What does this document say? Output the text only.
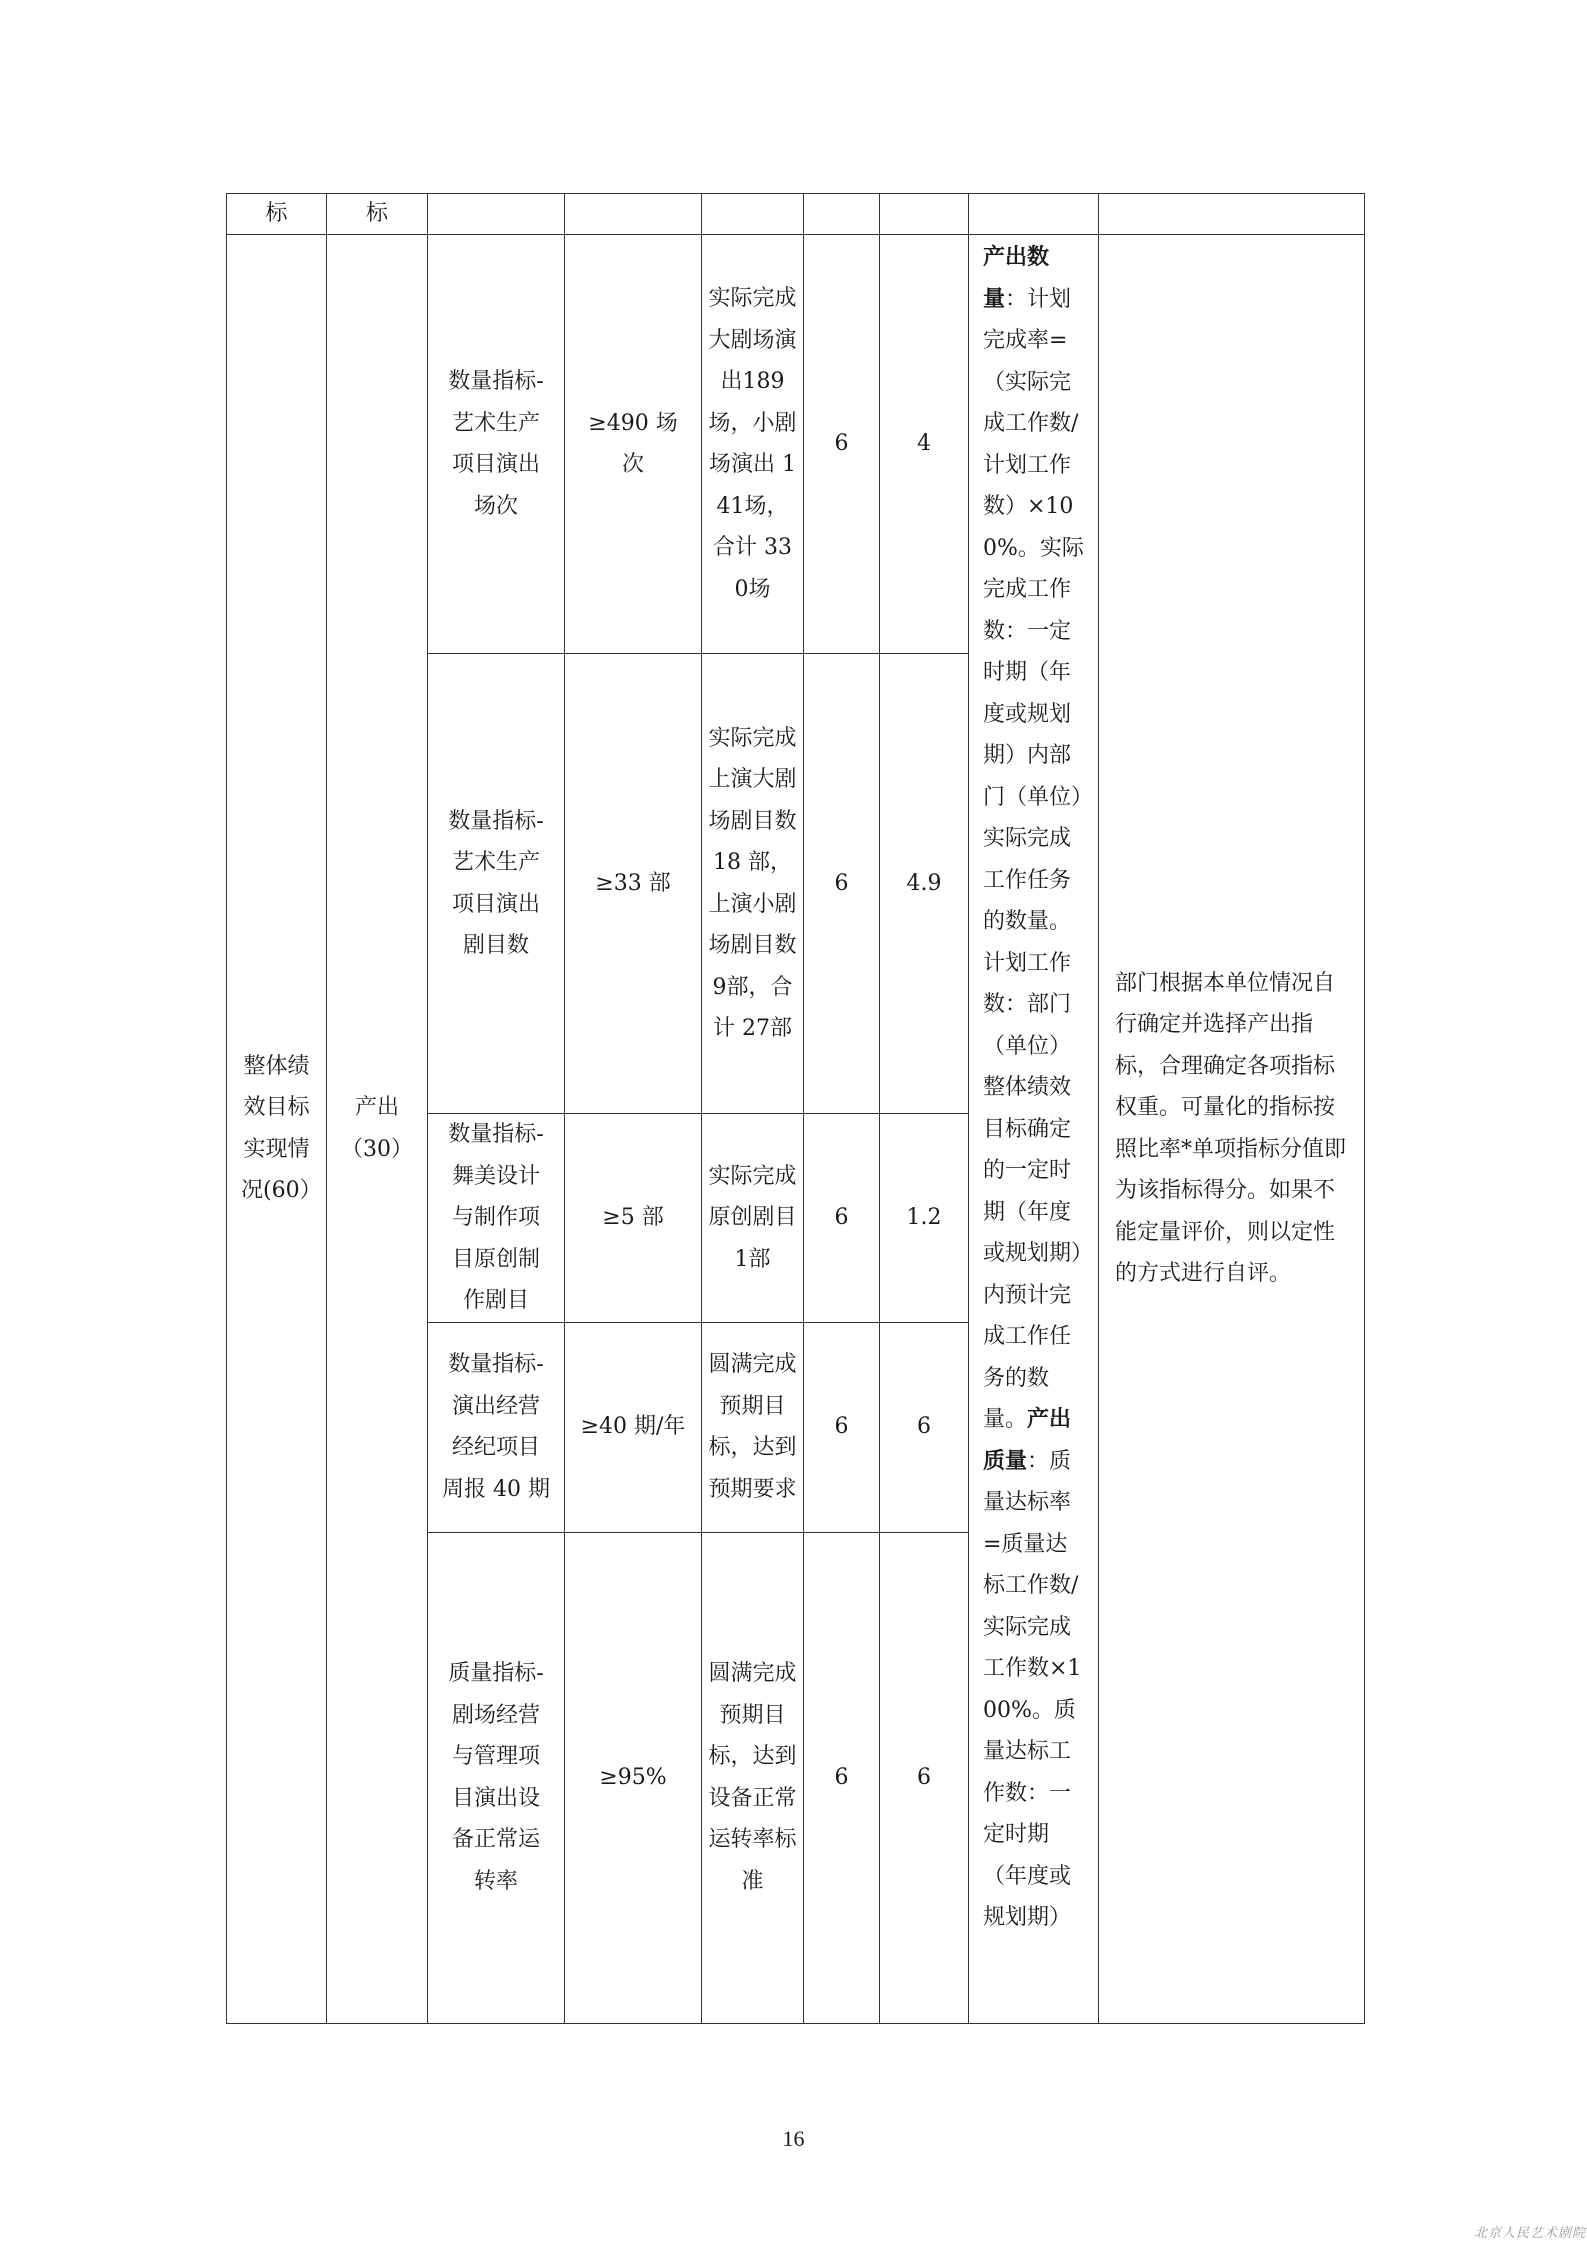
标	标							
整体绩效目标实现情况(60）	产出（30）	数量指标-艺术生产项目演出场次	≥490 场次	实际完成大剧场演出189场，小剧场演出 141场，合计 330场	6	4	产出数量：计划完成率=（实际完成工作数/计划工作数）×100%。实际完成工作数：一定时期（年度或规划期）内部门（单位）实际完成工作任务的数量。计划工作数：部门（单位）整体绩效目标确定的一定时期（年度或规划期）内预计完成工作任务的数量。产出质量：质量达标率=质量达标工作数/实际完成工作数×100%。质量达标工作数：一定时期（年度或规划期）	部门根据本单位情况自行确定并选择产出指标，合理确定各项指标权重。可量化的指标按照比率*单项指标分值即为该指标得分。如果不能定量评价，则以定性的方式进行自评。
		数量指标-艺术生产项目演出剧目数	≥33 部	实际完成上演大剧场剧目数18 部，上演小剧场剧目数 9部，合计 27部	6	4.9		
		数量指标-舞美设计与制作项目原创制作剧目	≥5 部	实际完成原创剧目 1部	6	1.2		
		数量指标-演出经营经纪项目周报 40 期	≥40 期/年	圆满完成预期目标，达到预期要求	6	6		
		质量指标-剧场经营与管理项目演出设备正常运转率	≥95%	圆满完成预期目标，达到设备正常运转率标准	6	6		
16
北京人民艺术剧院
